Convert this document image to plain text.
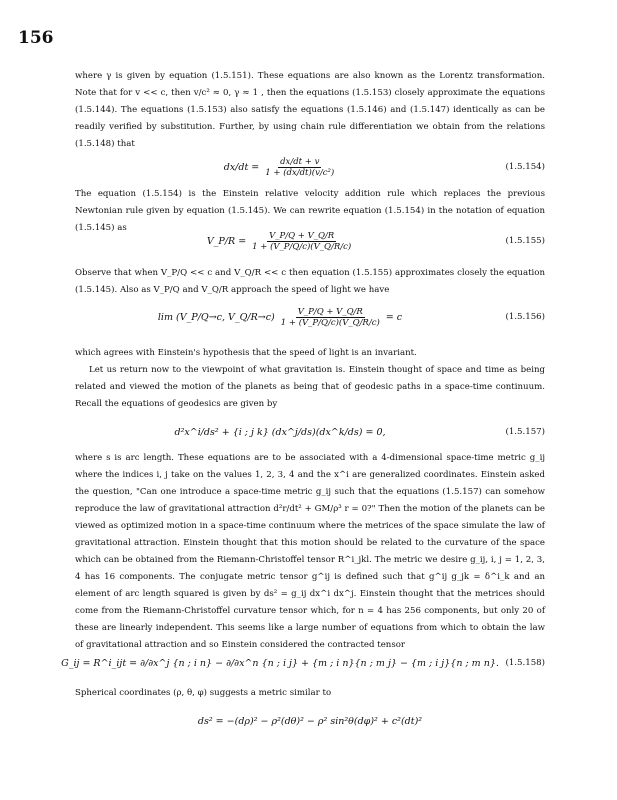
156

where γ is given by equation (1.5.151). These equations are also known as the Lorentz transformation. Note that for v << c, then v/c² ≈ 0, γ ≈ 1 , then the equations (1.5.153) closely approximate the equations (1.5.144). The equations (1.5.153) also satisfy the equations (1.5.146) and (1.5.147) identically as can be readily verified by substitution. Further, by using chain rule differentiation we obtain from the relations (1.5.148) that

$dx/dt = \frac{dx/dt + v}{\text{1 + (dx/dt)(v/c²)}}$	(1.5.154)

The equation (1.5.154) is the Einstein relative velocity addition rule which replaces the previous Newtonian rule given by equation (1.5.145). We can rewrite equation (1.5.154) in the notation of equation (1.5.145) as

V_P/R = $\frac{V\_P/Q + V\_Q/R}{1 + (V\_P/Q/c)(V\_Q/R/c)}$	(1.5.155)

Observe that when V_P/Q << c and V_Q/R << c then equation (1.5.155) approximates closely the equation (1.5.145). Also as V_P/Q and V_Q/R approach the speed of light we have

lim (V_P/Q→c, V_Q/R→c) $\frac{V\_P/Q + V\_Q/R}{1 + (V\_P/Q/c)(V\_Q/R/c)} = c$	(1.5.156)

which agrees with Einstein's hypothesis that the speed of light is an invariant.

Let us return now to the viewpoint of what gravitation is. Einstein thought of space and time as being related and viewed the motion of the planets as being that of geodesic paths in a space-time continuum. Recall the equations of geodesics are given by

d²x^i/ds² + {i ; j k} (dx^j/ds)(dx^k/ds) = 0,	(1.5.157)

where s is arc length. These equations are to be associated with a 4-dimensional space-time metric g_ij where the indices i, j take on the values 1, 2, 3, 4 and the x^i are generalized coordinates. Einstein asked the question, "Can one introduce a space-time metric g_ij such that the equations (1.5.157) can somehow reproduce the law of gravitational attraction d²r/dt² + GM/ρ³ r = 0?" Then the motion of the planets can be viewed as optimized motion in a space-time continuum where the metrices of the space simulate the law of gravitational attraction. Einstein thought that this motion should be related to the curvature of the space which can be obtained from the Riemann-Christoffel tensor R^i_jkl. The metric we desire g_ij, i, j = 1, 2, 3, 4 has 16 components. The conjugate metric tensor g^ij is defined such that g^ij g_jk = δ^i_k and an element of arc length squared is given by ds² = g_ij dx^i dx^j. Einstein thought that the metrices should come from the Riemann-Christoffel curvature tensor which, for n = 4 has 256 components, but only 20 of these are linearly independent. This seems like a large number of equations from which to obtain the law of gravitational attraction and so Einstein considered the contracted tensor

G_ij = R^i_ijt = ∂/∂x^j {n ; i n} − ∂/∂x^n {n ; i j} + {m ; i n}{n ; m j} − {m ; i j}{n ; m n}. (1.5.158)

Spherical coordinates (ρ, θ, φ) suggests a metric similar to

ds² = −(dρ)² − ρ²(dθ)² − ρ² sin²θ(dφ)² + c²(dt)²
